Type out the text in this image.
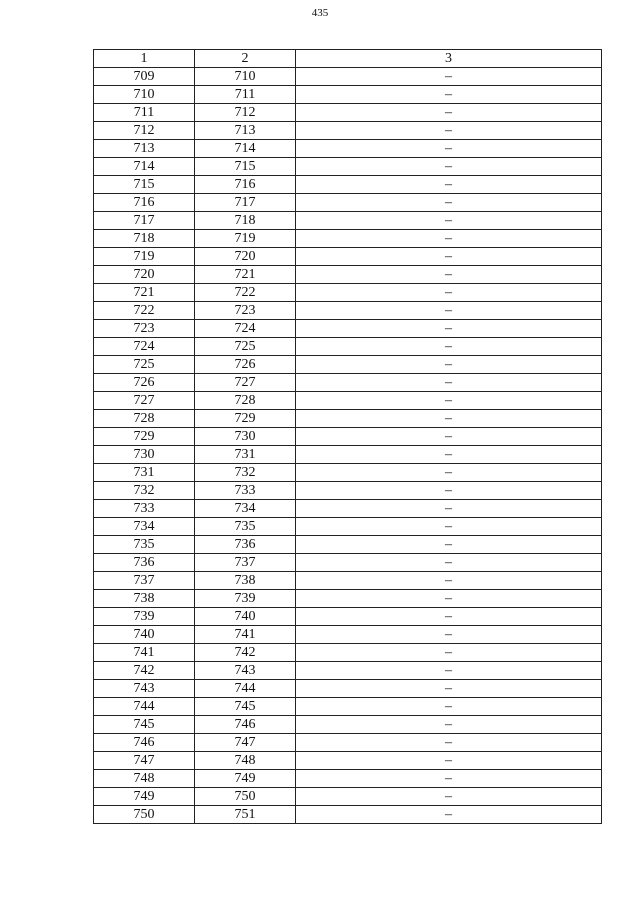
435
1	2	3
709	710	–
710	711	–
711	712	–
712	713	–
713	714	–
714	715	–
715	716	–
716	717	–
717	718	–
718	719	–
719	720	–
720	721	–
721	722	–
722	723	–
723	724	–
724	725	–
725	726	–
726	727	–
727	728	–
728	729	–
729	730	–
730	731	–
731	732	–
732	733	–
733	734	–
734	735	–
735	736	–
736	737	–
737	738	–
738	739	–
739	740	–
740	741	–
741	742	–
742	743	–
743	744	–
744	745	–
745	746	–
746	747	–
747	748	–
748	749	–
749	750	–
750	751	–
